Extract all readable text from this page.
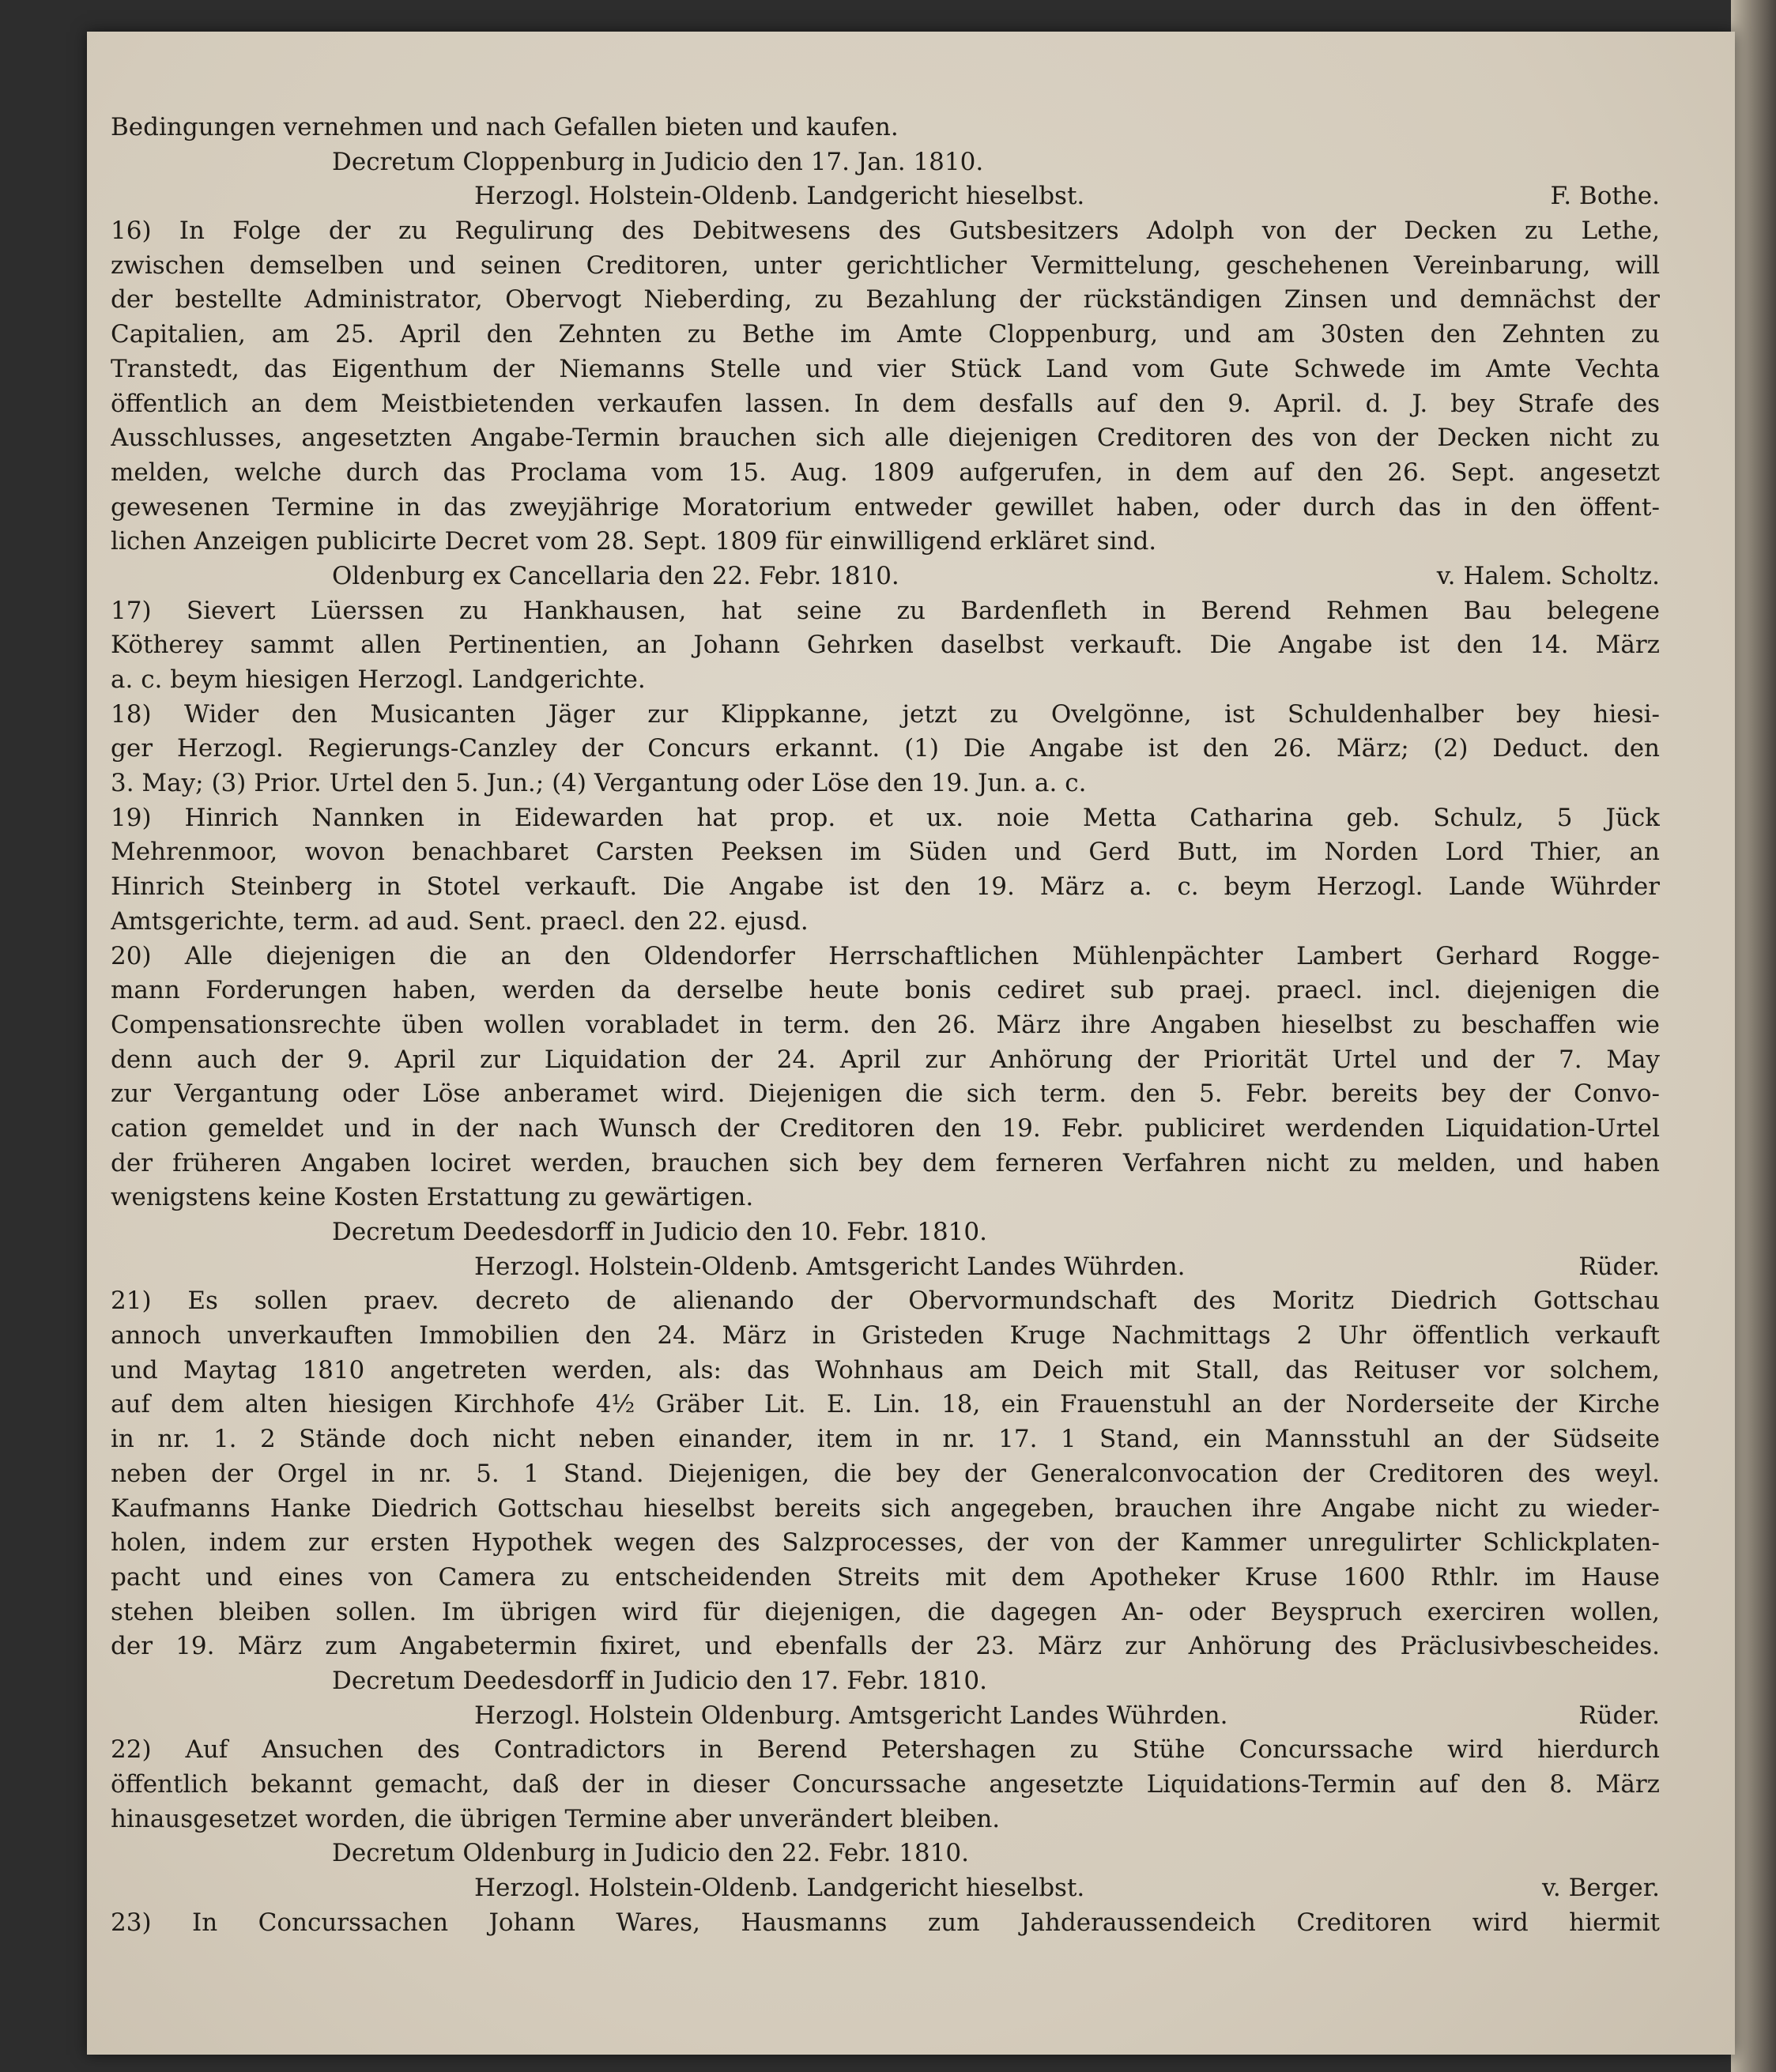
Bedingungen vernehmen und nach Gefallen bieten und kaufen.
Decretum Cloppenburg in Judicio den 17. Jan. 1810.
Herzogl. Holstein-Oldenb. Landgericht hieselbst.	F. Bothe.
16) In Folge der zu Regulirung des Debitwesens des Gutsbesitzers Adolph von der Decken zu Lethe,
zwischen demselben und seinen Creditoren, unter gerichtlicher Vermittelung, geschehenen Vereinbarung, will
der bestellte Administrator, Obervogt Nieberding, zu Bezahlung der rückständigen Zinsen und demnächst der
Capitalien, am 25. April den Zehnten zu Bethe im Amte Cloppenburg, und am 30sten den Zehnten zu
Transtedt, das Eigenthum der Niemanns Stelle und vier Stück Land vom Gute Schwede im Amte Vechta
öffentlich an dem Meistbietenden verkaufen lassen. In dem desfalls auf den 9. April. d. J. bey Strafe des
Ausschlusses, angesetzten Angabe-Termin brauchen sich alle diejenigen Creditoren des von der Decken nicht zu
melden, welche durch das Proclama vom 15. Aug. 1809 aufgerufen, in dem auf den 26. Sept. angesetzt
gewesenen Termine in das zweyjährige Moratorium entweder gewillet haben, oder durch das in den öffent-
lichen Anzeigen publicirte Decret vom 28. Sept. 1809 für einwilligend erkläret sind.
Oldenburg ex Cancellaria den 22. Febr. 1810.	v. Halem. Scholtz.
17) Sievert Lüerssen zu Hankhausen, hat seine zu Bardenfleth in Berend Rehmen Bau belegene
Kötherey sammt allen Pertinentien, an Johann Gehrken daselbst verkauft. Die Angabe ist den 14. März
a. c. beym hiesigen Herzogl. Landgerichte.
18) Wider den Musicanten Jäger zur Klippkanne, jetzt zu Ovelgönne, ist Schuldenhalber bey hiesi-
ger Herzogl. Regierungs-Canzley der Concurs erkannt. (1) Die Angabe ist den 26. März; (2) Deduct. den
3. May; (3) Prior. Urtel den 5. Jun.; (4) Vergantung oder Löse den 19. Jun. a. c.
19) Hinrich Nannken in Eidewarden hat prop. et ux. noie Metta Catharina geb. Schulz, 5 Jück
Mehrenmoor, wovon benachbaret Carsten Peeksen im Süden und Gerd Butt, im Norden Lord Thier, an
Hinrich Steinberg in Stotel verkauft. Die Angabe ist den 19. März a. c. beym Herzogl. Lande Wührder
Amtsgerichte, term. ad aud. Sent. praecl. den 22. ejusd.
20) Alle diejenigen die an den Oldendorfer Herrschaftlichen Mühlenpächter Lambert Gerhard Rogge-
mann Forderungen haben, werden da derselbe heute bonis cediret sub praej. praecl. incl. diejenigen die
Compensationsrechte üben wollen vorabladet in term. den 26. März ihre Angaben hieselbst zu beschaffen wie
denn auch der 9. April zur Liquidation der 24. April zur Anhörung der Priorität Urtel und der 7. May
zur Vergantung oder Löse anberamet wird. Diejenigen die sich term. den 5. Febr. bereits bey der Convo-
cation gemeldet und in der nach Wunsch der Creditoren den 19. Febr. publiciret werdenden Liquidation-Urtel
der früheren Angaben lociret werden, brauchen sich bey dem ferneren Verfahren nicht zu melden, und haben
wenigstens keine Kosten Erstattung zu gewärtigen.
Decretum Deedesdorff in Judicio den 10. Febr. 1810.
Herzogl. Holstein-Oldenb. Amtsgericht Landes Wührden.	Rüder.
21) Es sollen praev. decreto de alienando der Obervormundschaft des Moritz Diedrich Gottschau
annoch unverkauften Immobilien den 24. März in Gristeden Kruge Nachmittags 2 Uhr öffentlich verkauft
und Maytag 1810 angetreten werden, als: das Wohnhaus am Deich mit Stall, das Reituser vor solchem,
auf dem alten hiesigen Kirchhofe 4½ Gräber Lit. E. Lin. 18, ein Frauenstuhl an der Norderseite der Kirche
in nr. 1. 2 Stände doch nicht neben einander, item in nr. 17. 1 Stand, ein Mannsstuhl an der Südseite
neben der Orgel in nr. 5. 1 Stand. Diejenigen, die bey der Generalconvocation der Creditoren des weyl.
Kaufmanns Hanke Diedrich Gottschau hieselbst bereits sich angegeben, brauchen ihre Angabe nicht zu wieder-
holen, indem zur ersten Hypothek wegen des Salzprocesses, der von der Kammer unregulirter Schlickplaten-
pacht und eines von Camera zu entscheidenden Streits mit dem Apotheker Kruse 1600 Rthlr. im Hause
stehen bleiben sollen. Im übrigen wird für diejenigen, die dagegen An- oder Beyspruch exerciren wollen,
der 19. März zum Angabetermin fixiret, und ebenfalls der 23. März zur Anhörung des Präclusivbescheides.
Decretum Deedesdorff in Judicio den 17. Febr. 1810.
Herzogl. Holstein Oldenburg. Amtsgericht Landes Wührden.	Rüder.
22) Auf Ansuchen des Contradictors in Berend Petershagen zu Stühe Concurssache wird hierdurch
öffentlich bekannt gemacht, daß der in dieser Concurssache angesetzte Liquidations-Termin auf den 8. März
hinausgesetzet worden, die übrigen Termine aber unverändert bleiben.
Decretum Oldenburg in Judicio den 22. Febr. 1810.
Herzogl. Holstein-Oldenb. Landgericht hieselbst.	v. Berger.
23) In Concurssachen Johann Wares, Hausmanns zum Jahderaussendeich Creditoren wird hiermit
